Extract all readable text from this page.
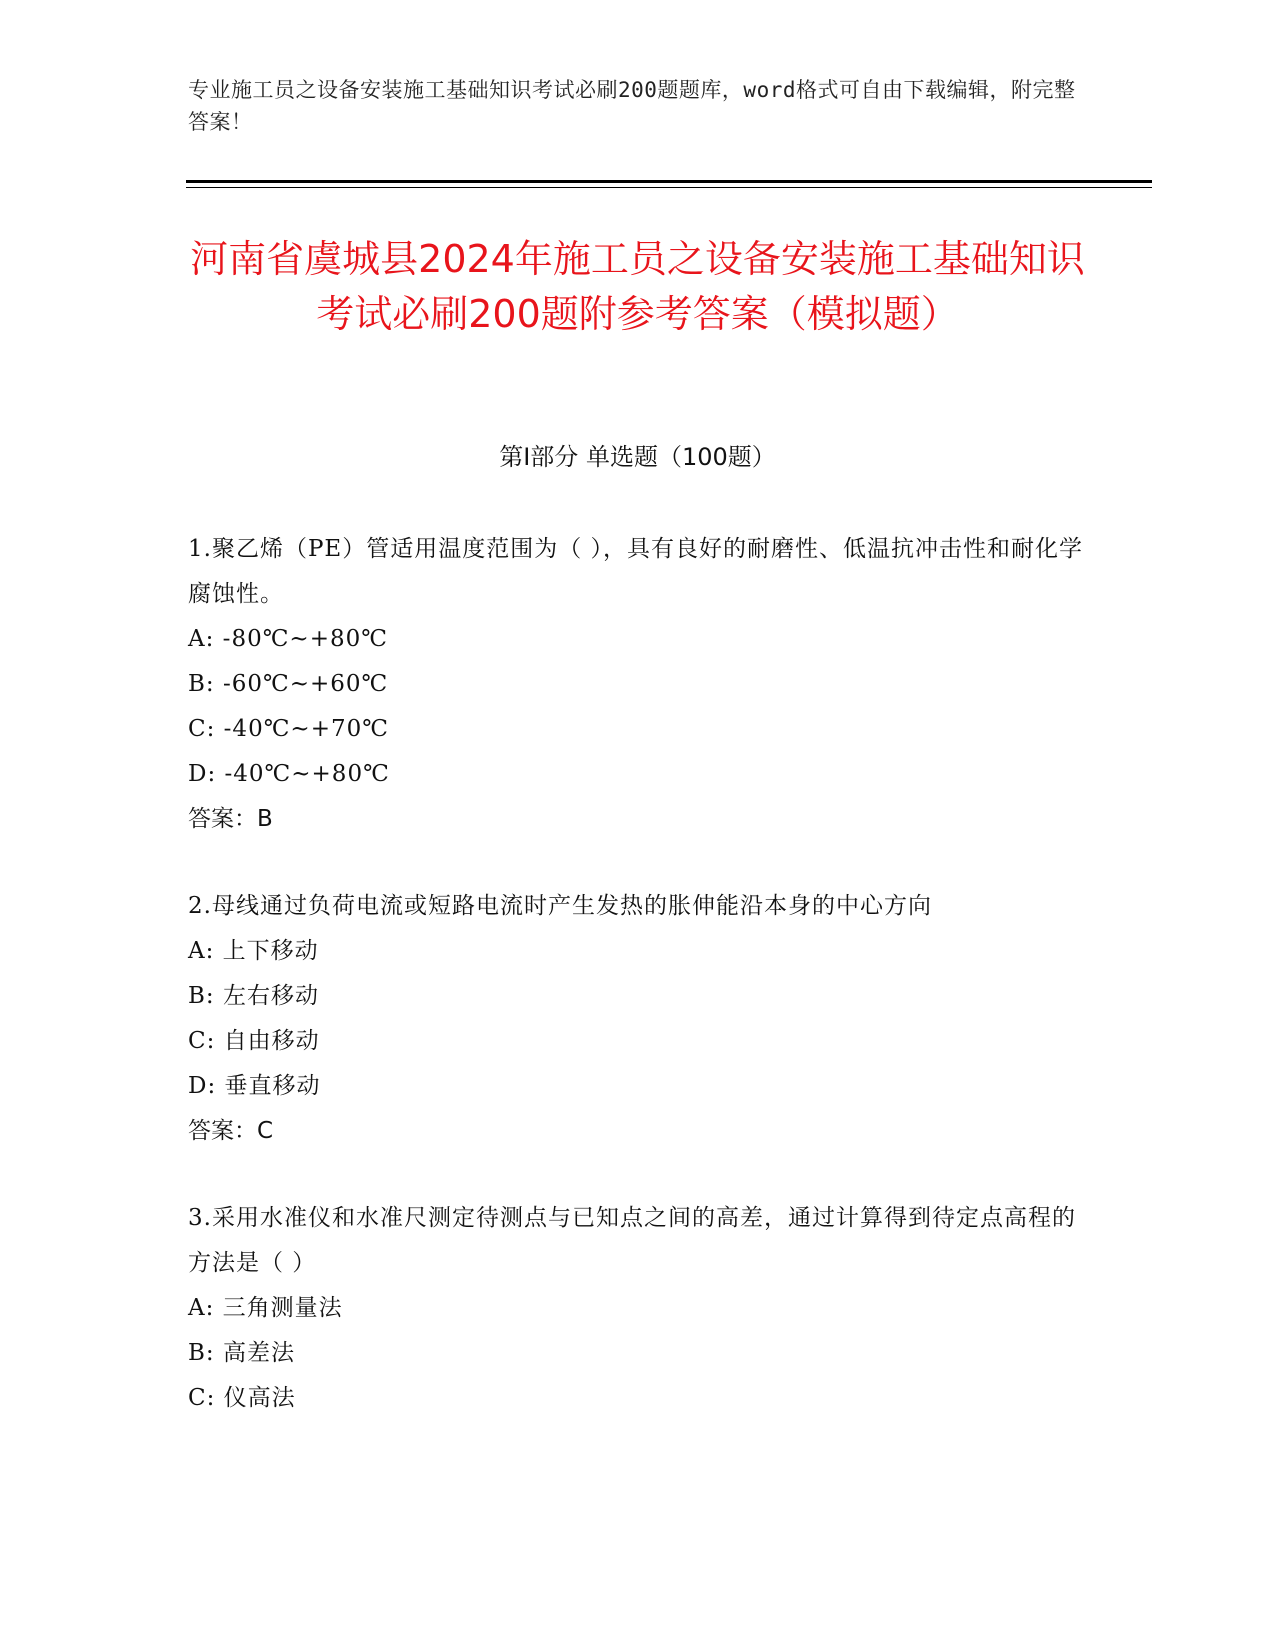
专业施工员之设备安装施工基础知识考试必刷200题题库，word格式可自由下载编辑，附完整答案！
河南省虞城县2024年施工员之设备安装施工基础知识考试必刷200题附参考答案（模拟题）
第Ⅰ部分 单选题（100题）
1.聚乙烯（PE）管适用温度范围为（ ），具有良好的耐磨性、低温抗冲击性和耐化学腐蚀性。
A: -80℃~+80℃
B: -60℃~+60℃
C: -40℃~+70℃
D: -40℃~+80℃
答案：B
2.母线通过负荷电流或短路电流时产生发热的胀伸能沿本身的中心方向
A: 上下移动
B: 左右移动
C: 自由移动
D: 垂直移动
答案：C
3.采用水准仪和水准尺测定待测点与已知点之间的高差，通过计算得到待定点高程的方法是（ ）
A: 三角测量法
B: 高差法
C: 仪高法
